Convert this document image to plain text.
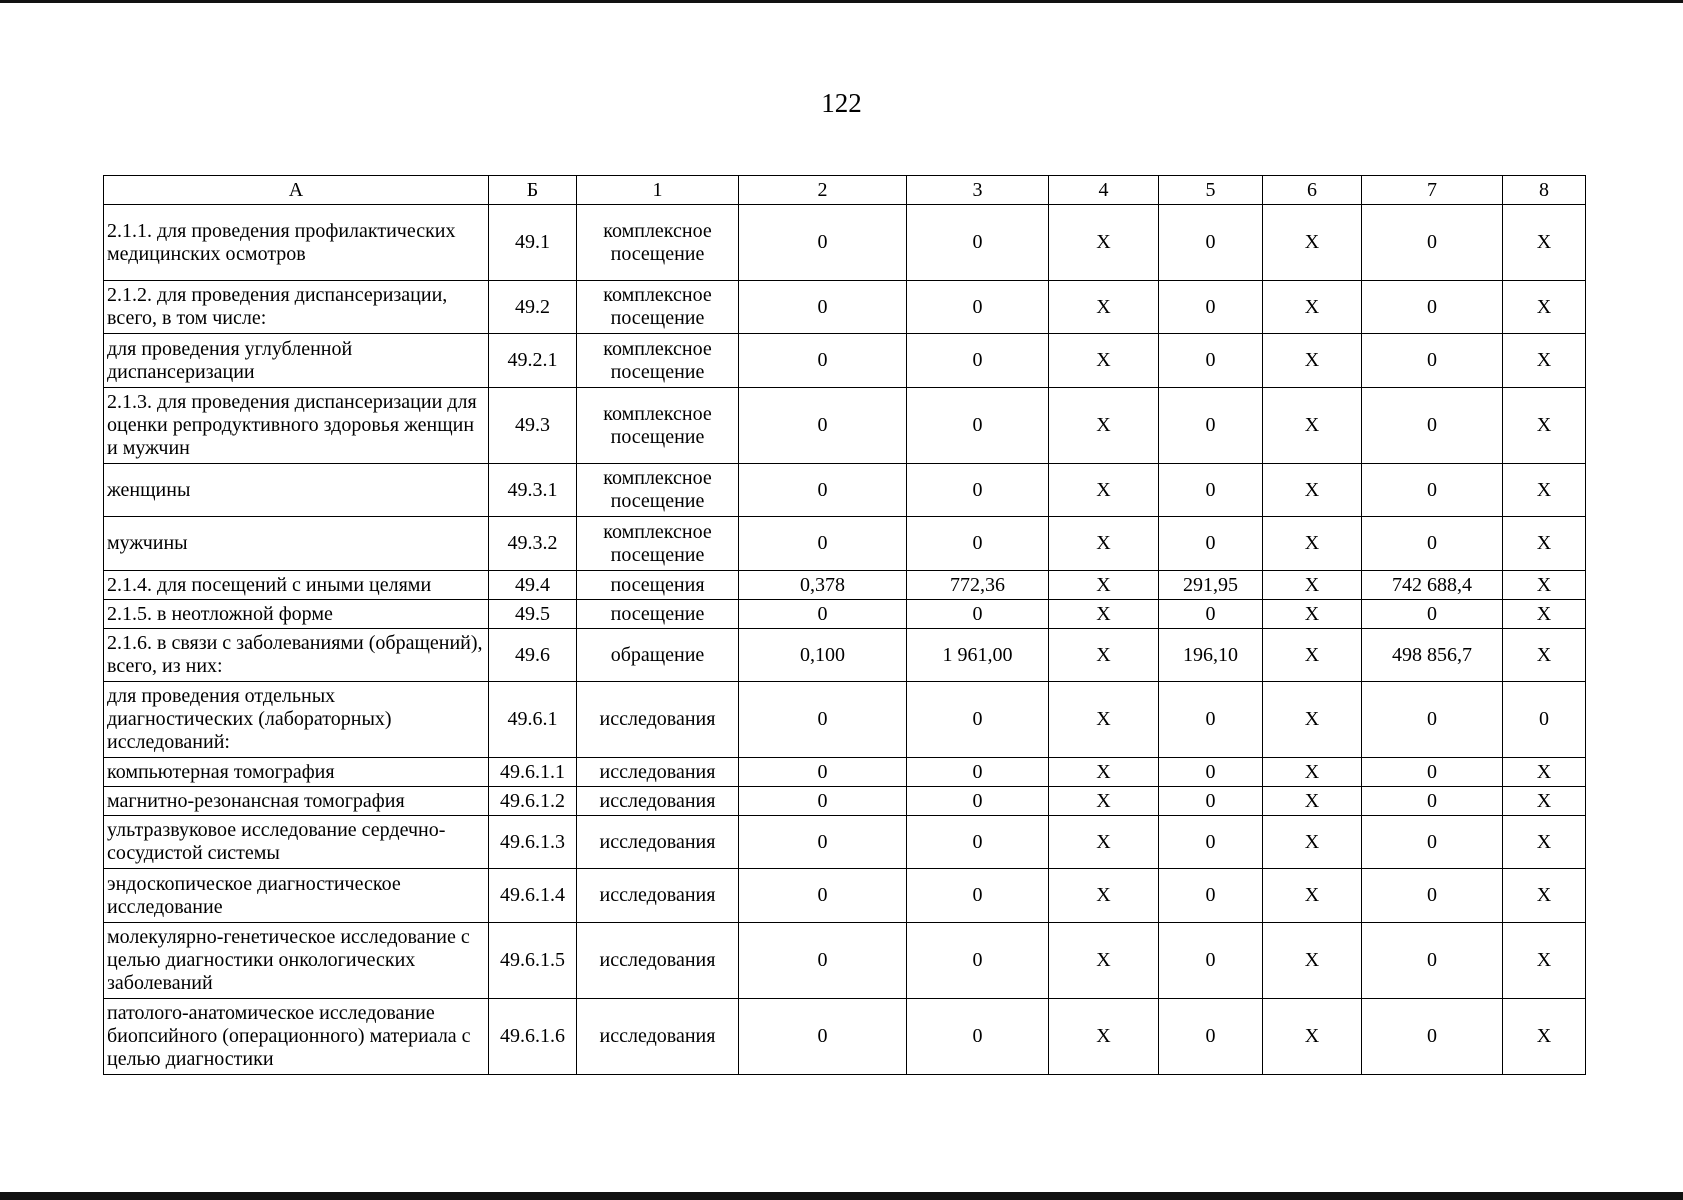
122
А	Б	1	2	3	4	5	6	7	8
2.1.1. для проведения профилактических медицинских осмотров	49.1	комплексное посещение	0	0	Х	0	Х	0	Х
2.1.2. для проведения диспансеризации, всего, в том числе:	49.2	комплексное посещение	0	0	Х	0	Х	0	Х
для проведения углубленной диспансеризации	49.2.1	комплексное посещение	0	0	Х	0	Х	0	Х
2.1.3. для проведения диспансеризации для оценки репродуктивного здоровья женщин и мужчин	49.3	комплексное посещение	0	0	Х	0	Х	0	Х
женщины	49.3.1	комплексное посещение	0	0	Х	0	Х	0	Х
мужчины	49.3.2	комплексное посещение	0	0	Х	0	Х	0	Х
2.1.4. для посещений с иными целями	49.4	посещения	0,378	772,36	Х	291,95	Х	742 688,4	Х
2.1.5. в неотложной форме	49.5	посещение	0	0	Х	0	Х	0	Х
2.1.6. в связи с заболеваниями (обращений), всего, из них:	49.6	обращение	0,100	1 961,00	Х	196,10	Х	498 856,7	Х
для проведения отдельных диагностических (лабораторных) исследований:	49.6.1	исследования	0	0	Х	0	Х	0	0
компьютерная томография	49.6.1.1	исследования	0	0	Х	0	Х	0	Х
магнитно-резонансная томография	49.6.1.2	исследования	0	0	Х	0	Х	0	Х
ультразвуковое исследование сердечно-сосудистой системы	49.6.1.3	исследования	0	0	Х	0	Х	0	Х
эндоскопическое диагностическое исследование	49.6.1.4	исследования	0	0	Х	0	Х	0	Х
молекулярно-генетическое исследование с целью диагностики онкологических заболеваний	49.6.1.5	исследования	0	0	Х	0	Х	0	Х
патолого-анатомическое исследование биопсийного (операционного) материала с целью диагностики	49.6.1.6	исследования	0	0	Х	0	Х	0	Х
